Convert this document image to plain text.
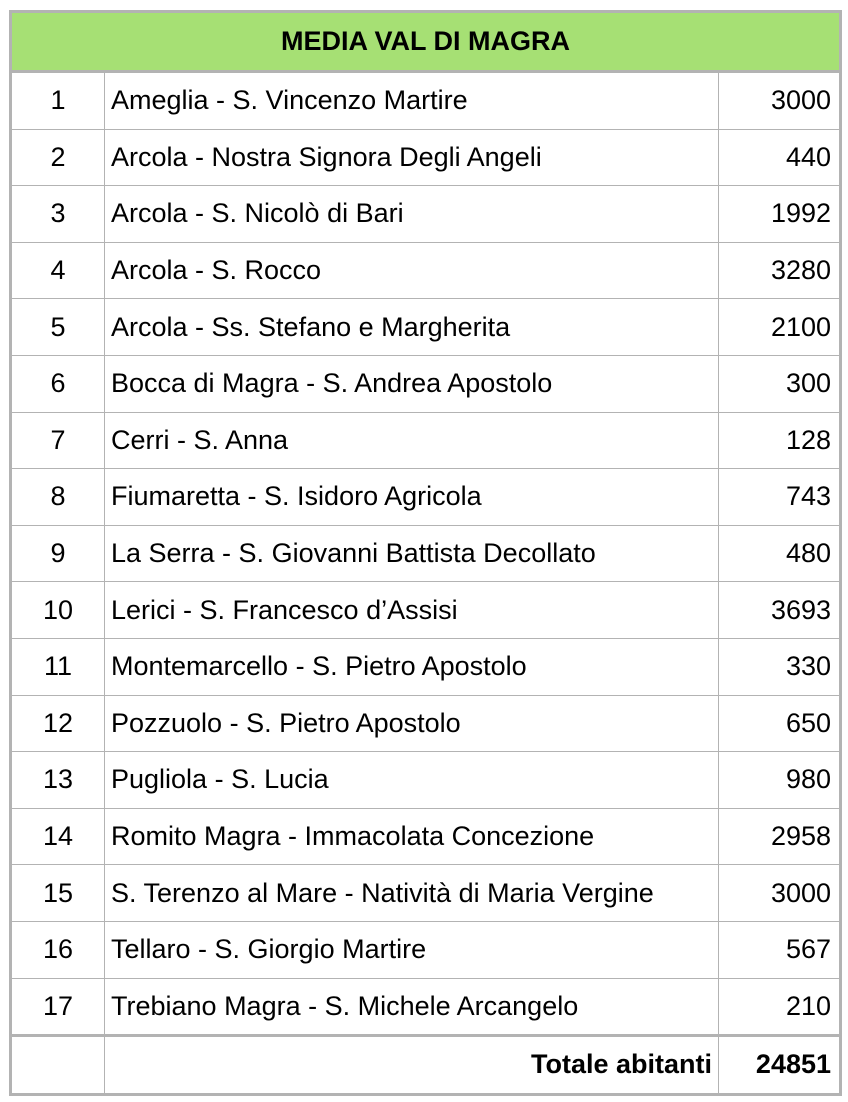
MEDIA VAL DI MAGRA		
1	Ameglia - S. Vincenzo Martire	3000
2	Arcola - Nostra Signora Degli Angeli	440
3	Arcola - S. Nicolò di Bari	1992
4	Arcola - S. Rocco	3280
5	Arcola - Ss. Stefano e Margherita	2100
6	Bocca di Magra - S. Andrea Apostolo	300
7	Cerri - S. Anna	128
8	Fiumaretta - S. Isidoro Agricola	743
9	La Serra - S. Giovanni Battista Decollato	480
10	Lerici - S. Francesco d’Assisi	3693
11	Montemarcello - S. Pietro Apostolo	330
12	Pozzuolo - S. Pietro Apostolo	650
13	Pugliola - S. Lucia	980
14	Romito Magra - Immacolata Concezione	2958
15	S. Terenzo al Mare - Natività di Maria Vergine	3000
16	Tellaro - S. Giorgio Martire	567
17	Trebiano Magra - S. Michele Arcangelo	210
	Totale abitanti	24851
